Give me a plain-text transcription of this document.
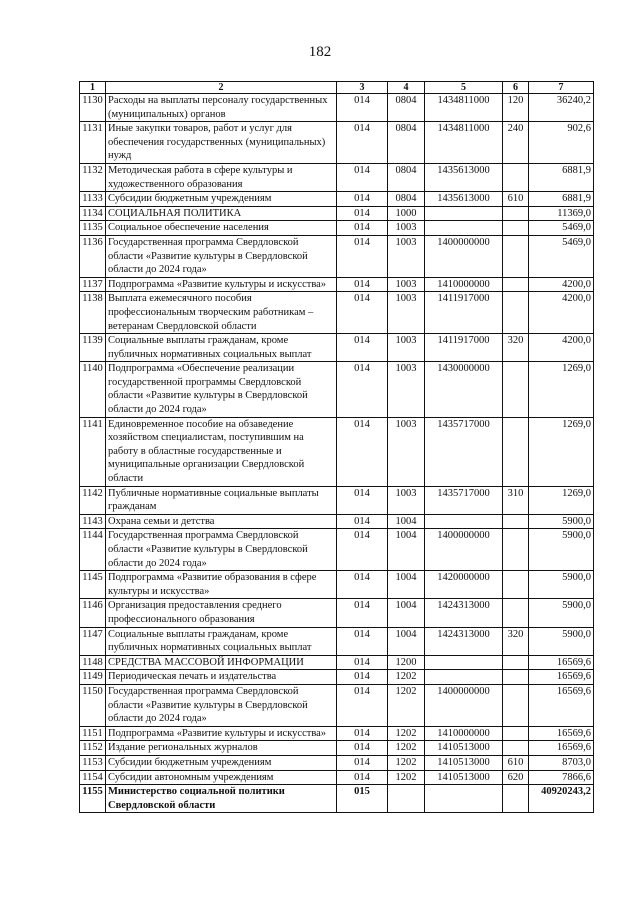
182
1	2	3	4	5	6	7
1130	Расходы на выплаты персоналу государственных (муниципальных) органов	014	0804	1434811000	120	36240,2
1131	Иные закупки товаров, работ и услуг для обеспечения государственных (муниципальных) нужд	014	0804	1434811000	240	902,6
1132	Методическая работа в сфере культуры и художественного образования	014	0804	1435613000		6881,9
1133	Субсидии бюджетным учреждениям	014	0804	1435613000	610	6881,9
1134	СОЦИАЛЬНАЯ ПОЛИТИКА	014	1000			11369,0
1135	Социальное обеспечение населения	014	1003			5469,0
1136	Государственная программа Свердловской области «Развитие культуры в Свердловской области до 2024 года»	014	1003	1400000000		5469,0
1137	Подпрограмма «Развитие культуры и искусства»	014	1003	1410000000		4200,0
1138	Выплата ежемесячного пособия профессиональным творческим работникам – ветеранам Свердловской области	014	1003	1411917000		4200,0
1139	Социальные выплаты гражданам, кроме публичных нормативных социальных выплат	014	1003	1411917000	320	4200,0
1140	Подпрограмма «Обеспечение реализации государственной программы Свердловской области «Развитие культуры в Свердловской области до 2024 года»	014	1003	1430000000		1269,0
1141	Единовременное пособие на обзаведение хозяйством специалистам, поступившим на работу в областные государственные и муниципальные организации Свердловской области	014	1003	1435717000		1269,0
1142	Публичные нормативные социальные выплаты гражданам	014	1003	1435717000	310	1269,0
1143	Охрана семьи и детства	014	1004			5900,0
1144	Государственная программа Свердловской области «Развитие культуры в Свердловской области до 2024 года»	014	1004	1400000000		5900,0
1145	Подпрограмма «Развитие образования в сфере культуры и искусства»	014	1004	1420000000		5900,0
1146	Организация предоставления среднего профессионального образования	014	1004	1424313000		5900,0
1147	Социальные выплаты гражданам, кроме публичных нормативных социальных выплат	014	1004	1424313000	320	5900,0
1148	СРЕДСТВА МАССОВОЙ ИНФОРМАЦИИ	014	1200			16569,6
1149	Периодическая печать и издательства	014	1202			16569,6
1150	Государственная программа Свердловской области «Развитие культуры в Свердловской области до 2024 года»	014	1202	1400000000		16569,6
1151	Подпрограмма «Развитие культуры и искусства»	014	1202	1410000000		16569,6
1152	Издание региональных журналов	014	1202	1410513000		16569,6
1153	Субсидии бюджетным учреждениям	014	1202	1410513000	610	8703,0
1154	Субсидии автономным учреждениям	014	1202	1410513000	620	7866,6
1155	Министерство социальной политики Свердловской области	015				40920243,2
